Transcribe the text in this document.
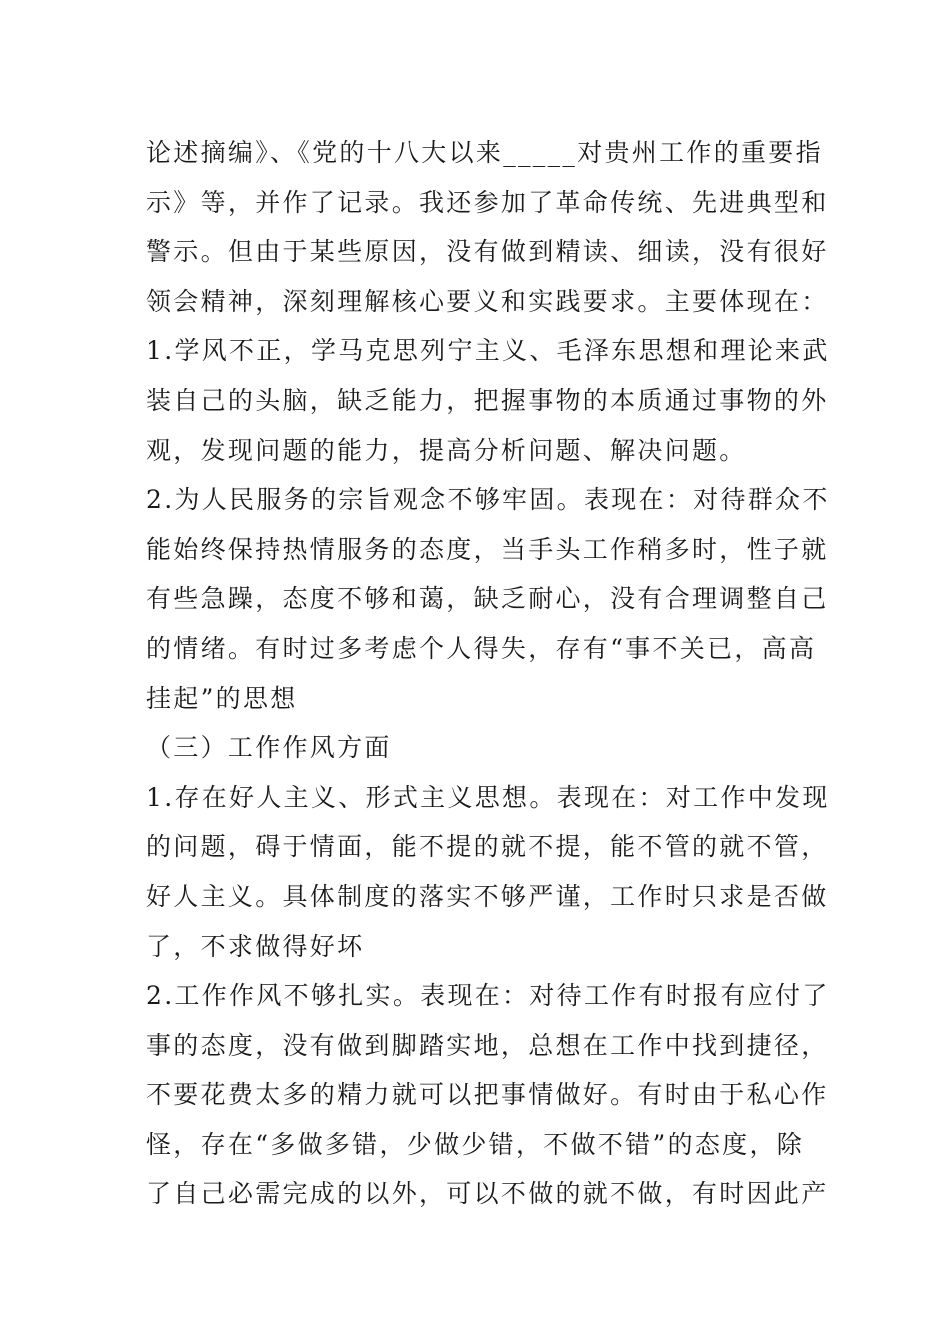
论述摘编》、《党的十八大以来_____对贵州工作的重要指
示》等，并作了记录。我还参加了革命传统、先进典型和
警示。但由于某些原因，没有做到精读、细读，没有很好
领会精神，深刻理解核心要义和实践要求。主要体现在：
1.学风不正，学马克思列宁主义、毛泽东思想和理论来武
装自己的头脑，缺乏能力，把握事物的本质通过事物的外
观，发现问题的能力，提高分析问题、解决问题。
2.为人民服务的宗旨观念不够牢固。表现在：对待群众不
能始终保持热情服务的态度，当手头工作稍多时，性子就
有些急躁，态度不够和蔼，缺乏耐心，没有合理调整自己
的情绪。有时过多考虑个人得失，存有“事不关已，高高
挂起”的思想
（三）工作作风方面
1.存在好人主义、形式主义思想。表现在：对工作中发现
的问题，碍于情面，能不提的就不提，能不管的就不管，
好人主义。具体制度的落实不够严谨，工作时只求是否做
了，不求做得好坏
2.工作作风不够扎实。表现在：对待工作有时报有应付了
事的态度，没有做到脚踏实地，总想在工作中找到捷径，
不要花费太多的精力就可以把事情做好。有时由于私心作
怪，存在“多做多错，少做少错，不做不错”的态度，除
了自己必需完成的以外，可以不做的就不做，有时因此产
